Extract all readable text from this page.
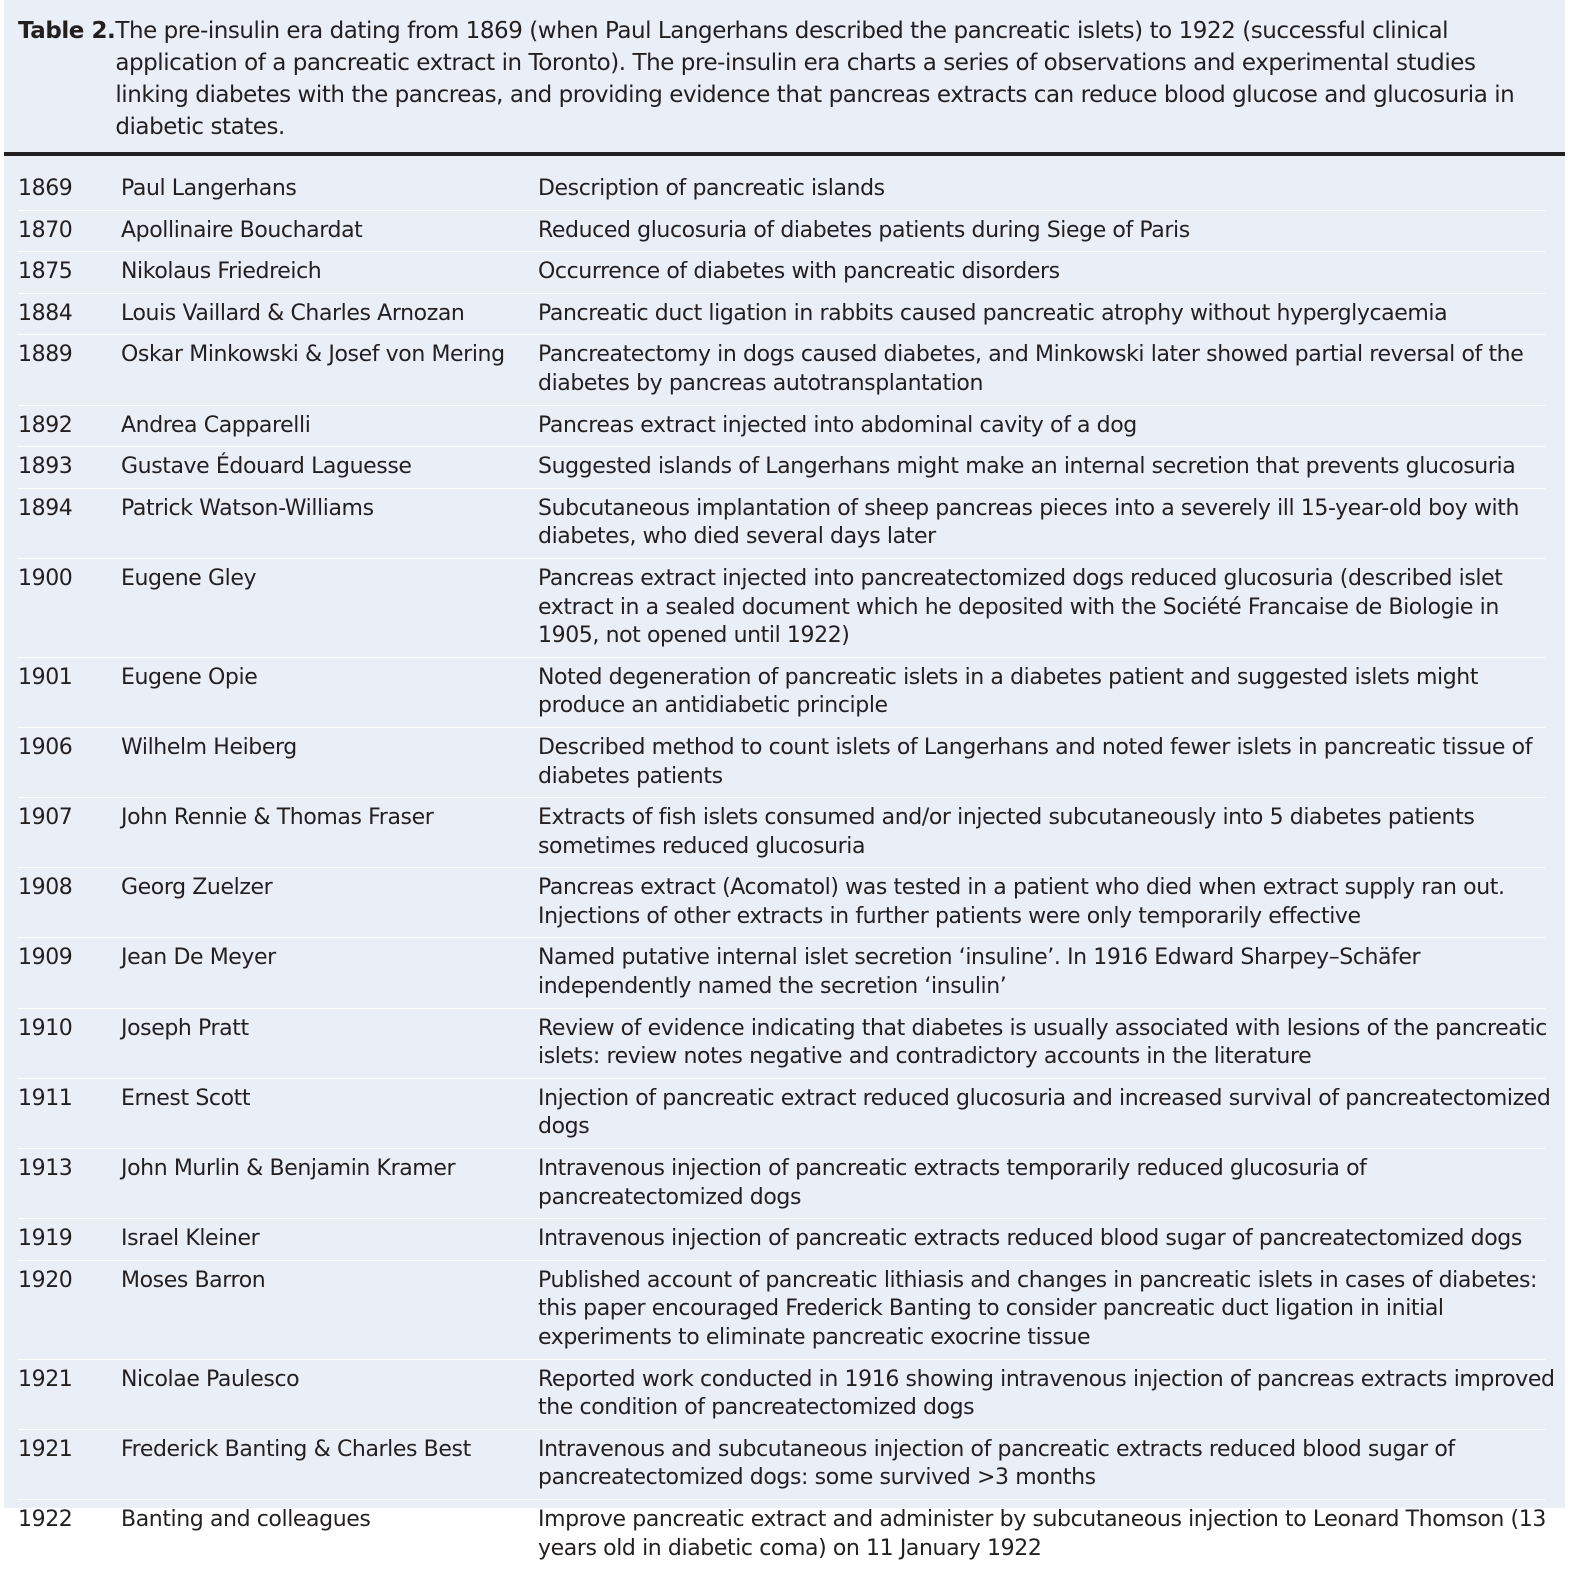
Table 2. The pre-insulin era dating from 1869 (when Paul Langerhans described the pancreatic islets) to 1922 (successful clinical application of a pancreatic extract in Toronto). The pre-insulin era charts a series of observations and experimental studies linking diabetes with the pancreas, and providing evidence that pancreas extracts can reduce blood glucose and glucosuria in diabetic states.
1869	Paul Langerhans	Description of pancreatic islands
1870	Apollinaire Bouchardat	Reduced glucosuria of diabetes patients during Siege of Paris
1875	Nikolaus Friedreich	Occurrence of diabetes with pancreatic disorders
1884	Louis Vaillard & Charles Arnozan	Pancreatic duct ligation in rabbits caused pancreatic atrophy without hyperglycaemia
1889	Oskar Minkowski & Josef von Mering	Pancreatectomy in dogs caused diabetes, and Minkowski later showed partial reversal of the diabetes by pancreas autotransplantation
1892	Andrea Capparelli	Pancreas extract injected into abdominal cavity of a dog
1893	Gustave Édouard Laguesse	Suggested islands of Langerhans might make an internal secretion that prevents glucosuria
1894	Patrick Watson-Williams	Subcutaneous implantation of sheep pancreas pieces into a severely ill 15-year-old boy with diabetes, who died several days later
1900	Eugene Gley	Pancreas extract injected into pancreatectomized dogs reduced glucosuria (described islet extract in a sealed document which he deposited with the Société Francaise de Biologie in 1905, not opened until 1922)
1901	Eugene Opie	Noted degeneration of pancreatic islets in a diabetes patient and suggested islets might produce an antidiabetic principle
1906	Wilhelm Heiberg	Described method to count islets of Langerhans and noted fewer islets in pancreatic tissue of diabetes patients
1907	John Rennie & Thomas Fraser	Extracts of fish islets consumed and/or injected subcutaneously into 5 diabetes patients sometimes reduced glucosuria
1908	Georg Zuelzer	Pancreas extract (Acomatol) was tested in a patient who died when extract supply ran out. Injections of other extracts in further patients were only temporarily effective
1909	Jean De Meyer	Named putative internal islet secretion ‘insuline’. In 1916 Edward Sharpey–Schäfer independently named the secretion ‘insulin’
1910	Joseph Pratt	Review of evidence indicating that diabetes is usually associated with lesions of the pancreatic islets: review notes negative and contradictory accounts in the literature
1911	Ernest Scott	Injection of pancreatic extract reduced glucosuria and increased survival of pancreatectomized dogs
1913	John Murlin & Benjamin Kramer	Intravenous injection of pancreatic extracts temporarily reduced glucosuria of pancreatectomized dogs
1919	Israel Kleiner	Intravenous injection of pancreatic extracts reduced blood sugar of pancreatectomized dogs
1920	Moses Barron	Published account of pancreatic lithiasis and changes in pancreatic islets in cases of diabetes: this paper encouraged Frederick Banting to consider pancreatic duct ligation in initial experiments to eliminate pancreatic exocrine tissue
1921	Nicolae Paulesco	Reported work conducted in 1916 showing intravenous injection of pancreas extracts improved the condition of pancreatectomized dogs
1921	Frederick Banting & Charles Best	Intravenous and subcutaneous injection of pancreatic extracts reduced blood sugar of pancreatectomized dogs: some survived >3 months
1922	Banting and colleagues	Improve pancreatic extract and administer by subcutaneous injection to Leonard Thomson (13 years old in diabetic coma) on 11 January 1922
